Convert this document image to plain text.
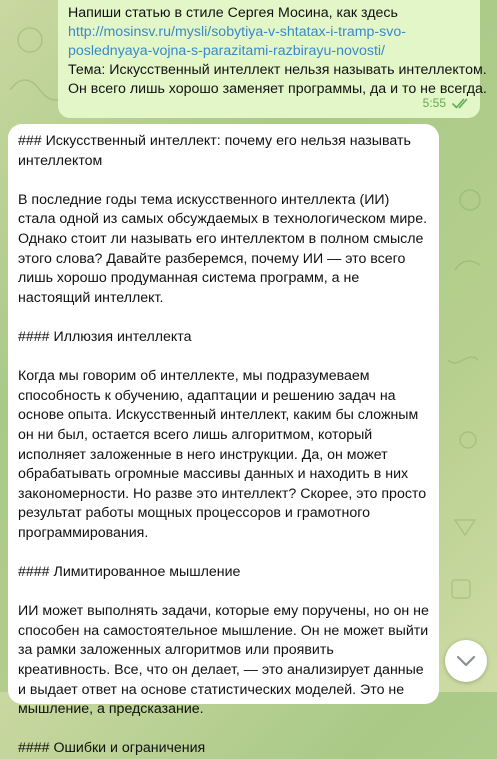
Напиши статью в стиле Сергея Мосина, как здесь
http://mosinsv.ru/mysli/sobytiya-v-shtatax-i-tramp-svo-
poslednyaya-vojna-s-parazitami-razbirayu-novosti/
Тема: Искусственный интеллект нельзя называть интеллектом.
Он всего лишь хорошо заменяет программы, да и то не всегда.
5:55

### Искусственный интеллект: почему его нельзя называть интеллектом

В последние годы тема искусственного интеллекта (ИИ) стала одной из самых обсуждаемых в технологическом мире. Однако стоит ли называть его интеллектом в полном смысле этого слова? Давайте разберемся, почему ИИ — это всего лишь хорошо продуманная система программ, а не настоящий интеллект.

#### Иллюзия интеллекта

Когда мы говорим об интеллекте, мы подразумеваем способность к обучению, адаптации и решению задач на основе опыта. Искусственный интеллект, каким бы сложным он ни был, остается всего лишь алгоритмом, который исполняет заложенные в него инструкции. Да, он может обрабатывать огромные массивы данных и находить в них закономерности. Но разве это интеллект? Скорее, это просто результат работы мощных процессоров и грамотного программирования.

#### Лимитированное мышление

ИИ может выполнять задачи, которые ему поручены, но он не способен на самостоятельное мышление. Он не может выйти за рамки заложенных алгоритмов или проявить креативность. Все, что он делает, — это анализирует данные и выдает ответ на основе статистических моделей. Это не мышление, а предсказание.

#### Ошибки и ограничения
